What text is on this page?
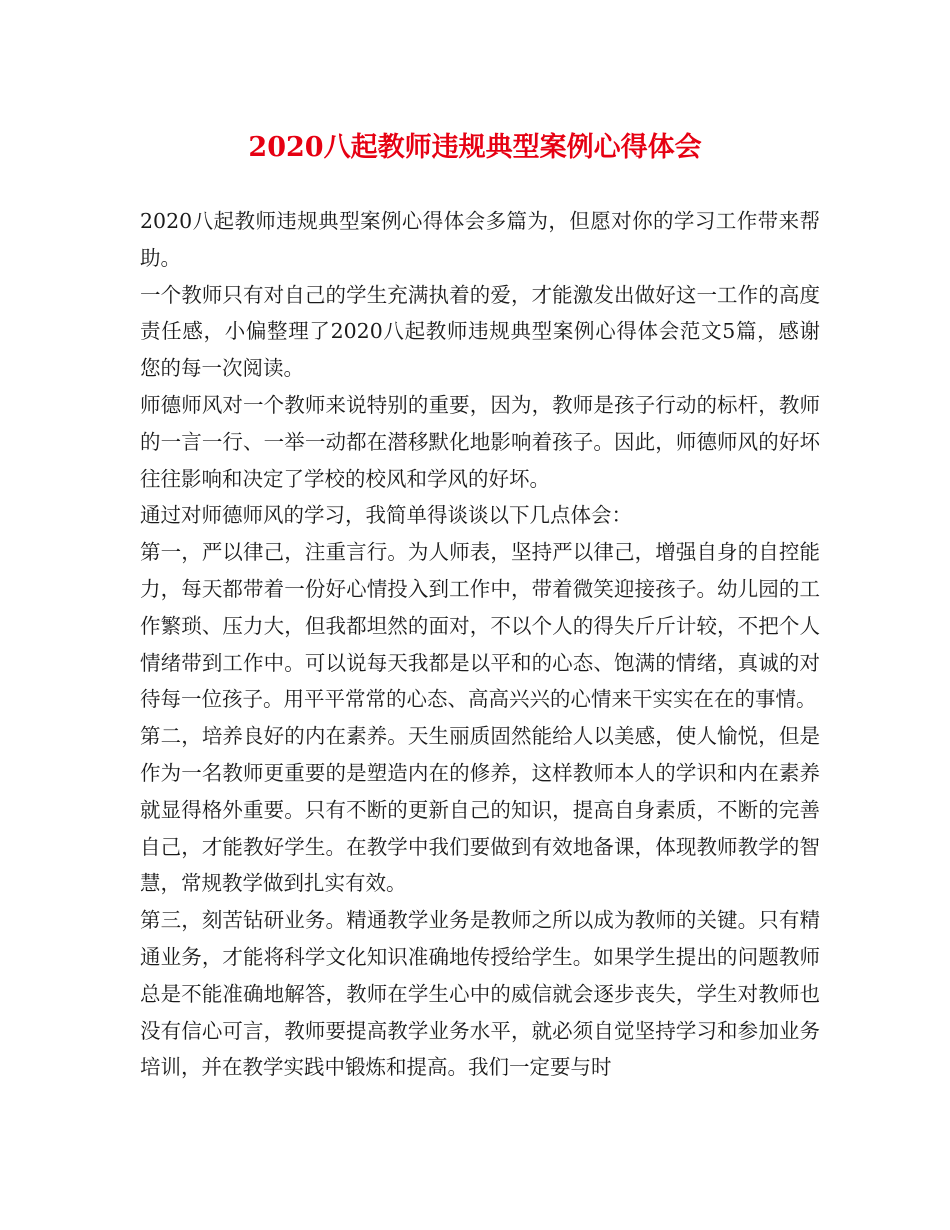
2020八起教师违规典型案例心得体会

2020八起教师违规典型案例心得体会多篇为，但愿对你的学习工作带来帮助。

一个教师只有对自己的学生充满执着的爱，才能激发出做好这一工作的高度责任感，小偏整理了2020八起教师违规典型案例心得体会范文5篇，感谢您的每一次阅读。

师德师风对一个教师来说特别的重要，因为，教师是孩子行动的标杆，教师的一言一行、一举一动都在潜移默化地影响着孩子。因此，师德师风的好坏往往影响和决定了学校的校风和学风的好坏。

通过对师德师风的学习，我简单得谈谈以下几点体会：

第一，严以律己，注重言行。为人师表，坚持严以律己，增强自身的自控能力，每天都带着一份好心情投入到工作中，带着微笑迎接孩子。幼儿园的工作繁琐、压力大，但我都坦然的面对，不以个人的得失斤斤计较，不把个人情绪带到工作中。可以说每天我都是以平和的心态、饱满的情绪，真诚的对待每一位孩子。用平平常常的心态、高高兴兴的心情来干实实在在的事情。

第二，培养良好的内在素养。天生丽质固然能给人以美感，使人愉悦，但是作为一名教师更重要的是塑造内在的修养，这样教师本人的学识和内在素养就显得格外重要。只有不断的更新自己的知识，提高自身素质，不断的完善自己，才能教好学生。在教学中我们要做到有效地备课，体现教师教学的智慧，常规教学做到扎实有效。

第三，刻苦钻研业务。精通教学业务是教师之所以成为教师的关键。只有精通业务，才能将科学文化知识准确地传授给学生。如果学生提出的问题教师总是不能准确地解答，教师在学生心中的威信就会逐步丧失，学生对教师也没有信心可言，教师要提高教学业务水平，就必须自觉坚持学习和参加业务培训，并在教学实践中锻炼和提高。我们一定要与时
